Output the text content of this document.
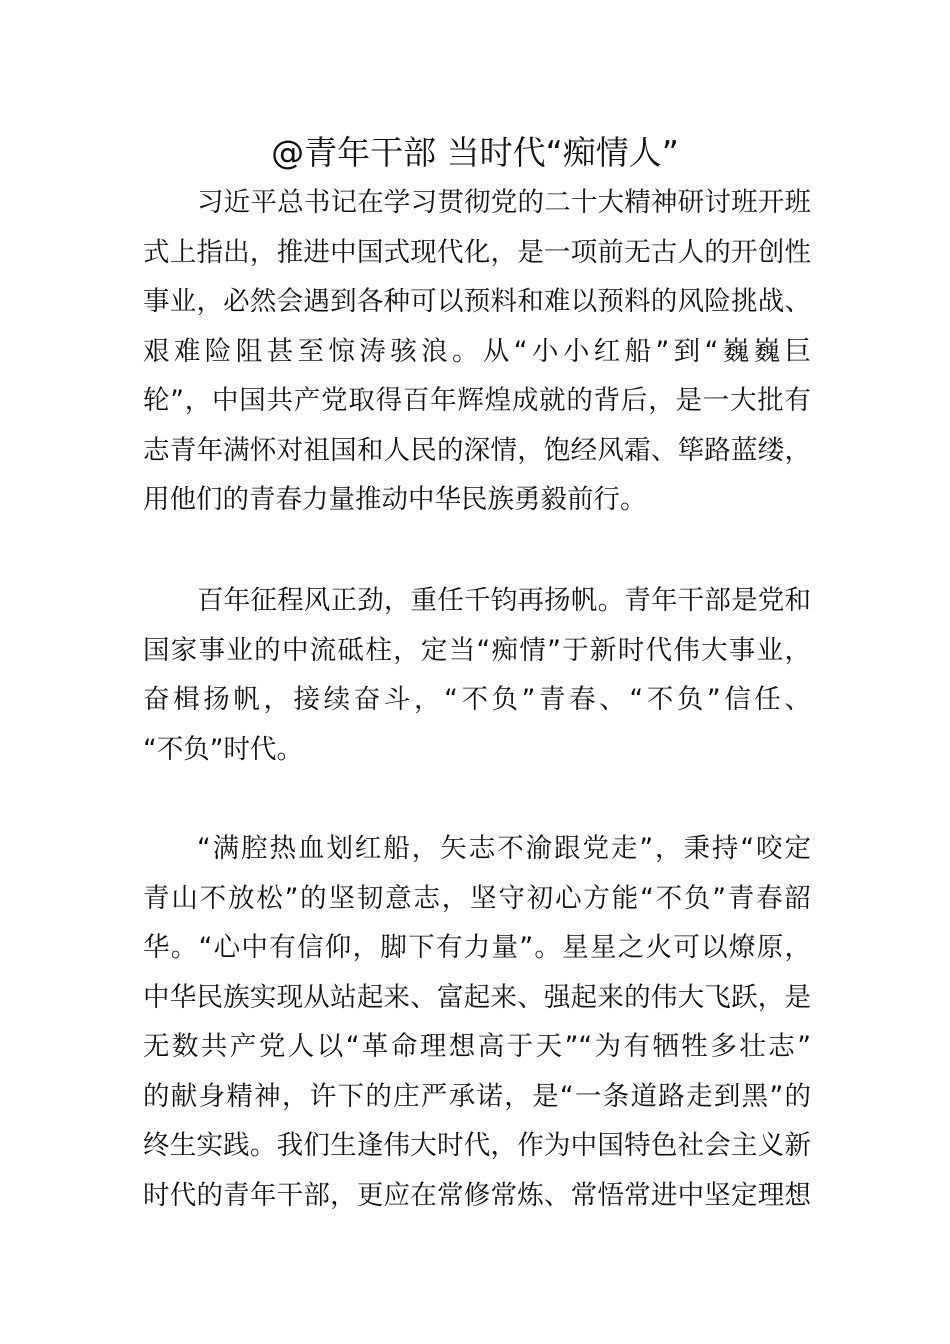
@青年干部 当时代“痴情人”
习近平总书记在学习贯彻党的二十大精神研讨班开班
式上指出，推进中国式现代化，是一项前无古人的开创性
事业，必然会遇到各种可以预料和难以预料的风险挑战、
艰难险阻甚至惊涛骇浪。从“小小红船”到“巍巍巨
轮”，中国共产党取得百年辉煌成就的背后，是一大批有
志青年满怀对祖国和人民的深情，饱经风霜、筚路蓝缕，
用他们的青春力量推动中华民族勇毅前行。
百年征程风正劲，重任千钧再扬帆。青年干部是党和
国家事业的中流砥柱，定当“痴情”于新时代伟大事业，
奋楫扬帆，接续奋斗，“不负”青春、“不负”信任、
“不负”时代。
“满腔热血划红船，矢志不渝跟党走”，秉持“咬定
青山不放松”的坚韧意志，坚守初心方能“不负”青春韶
华。“心中有信仰，脚下有力量”。星星之火可以燎原，
中华民族实现从站起来、富起来、强起来的伟大飞跃，是
无数共产党人以“革命理想高于天”“为有牺牲多壮志”
的献身精神，许下的庄严承诺，是“一条道路走到黑”的
终生实践。我们生逢伟大时代，作为中国特色社会主义新
时代的青年干部，更应在常修常炼、常悟常进中坚定理想
